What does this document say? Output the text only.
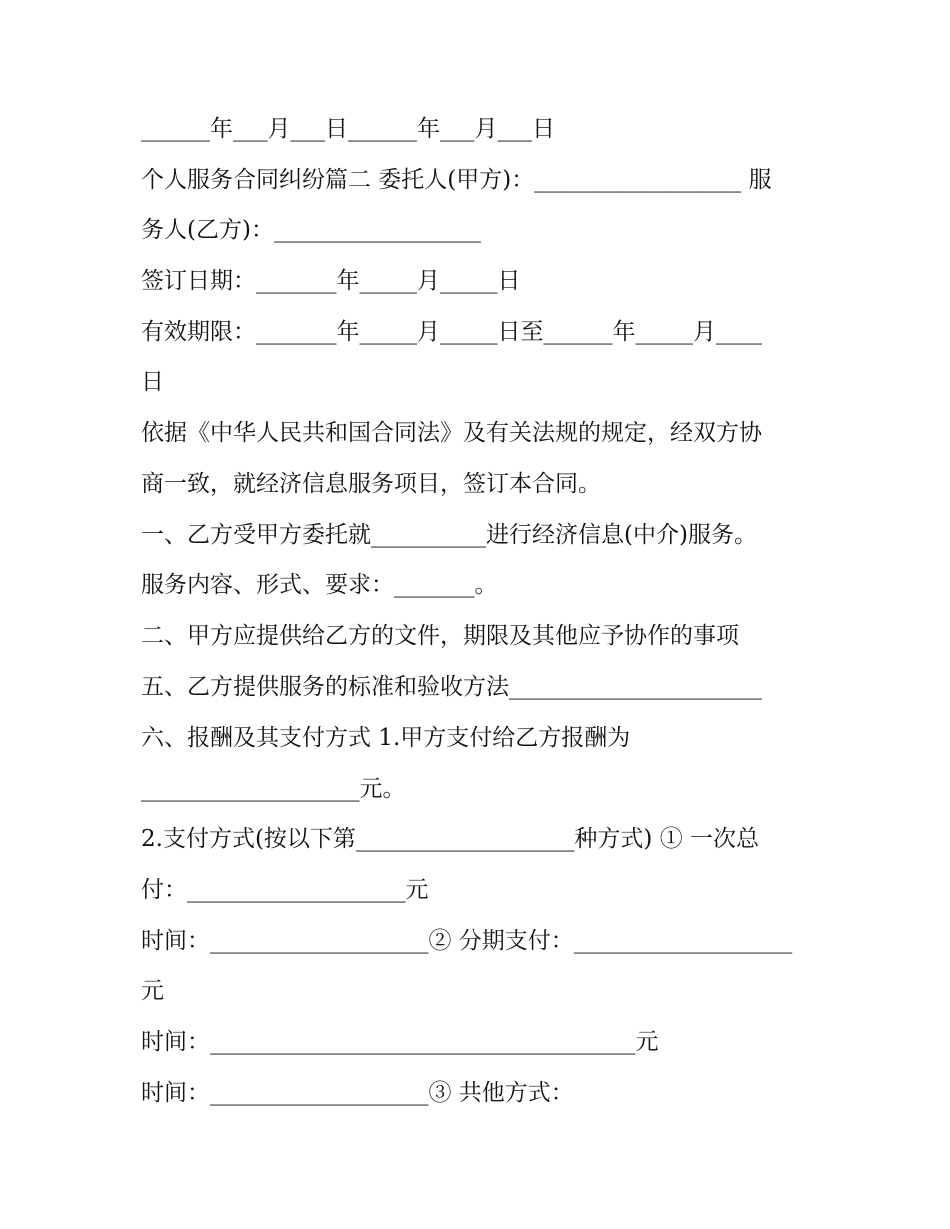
______年___月___日______年___月___日
个人服务合同纠纷篇二 委托人(甲方)：__________________ 服
务人(乙方)：__________________
签订日期：_______年_____月_____日
有效期限：_______年_____月_____日至______年_____月____
日
依据《中华人民共和国合同法》及有关法规的规定，经双方协
商一致，就经济信息服务项目，签订本合同。
一、乙方受甲方委托就__________进行经济信息(中介)服务。
服务内容、形式、要求：_______。
二、甲方应提供给乙方的文件，期限及其他应予协作的事项
五、乙方提供服务的标准和验收方法______________________
六、报酬及其支付方式 1.甲方支付给乙方报酬为
___________________元。
2.支付方式(按以下第___________________种方式) ① 一次总
付：___________________元
时间：___________________② 分期支付：___________________
元
时间：_____________________________________元
时间：___________________③ 共他方式：
